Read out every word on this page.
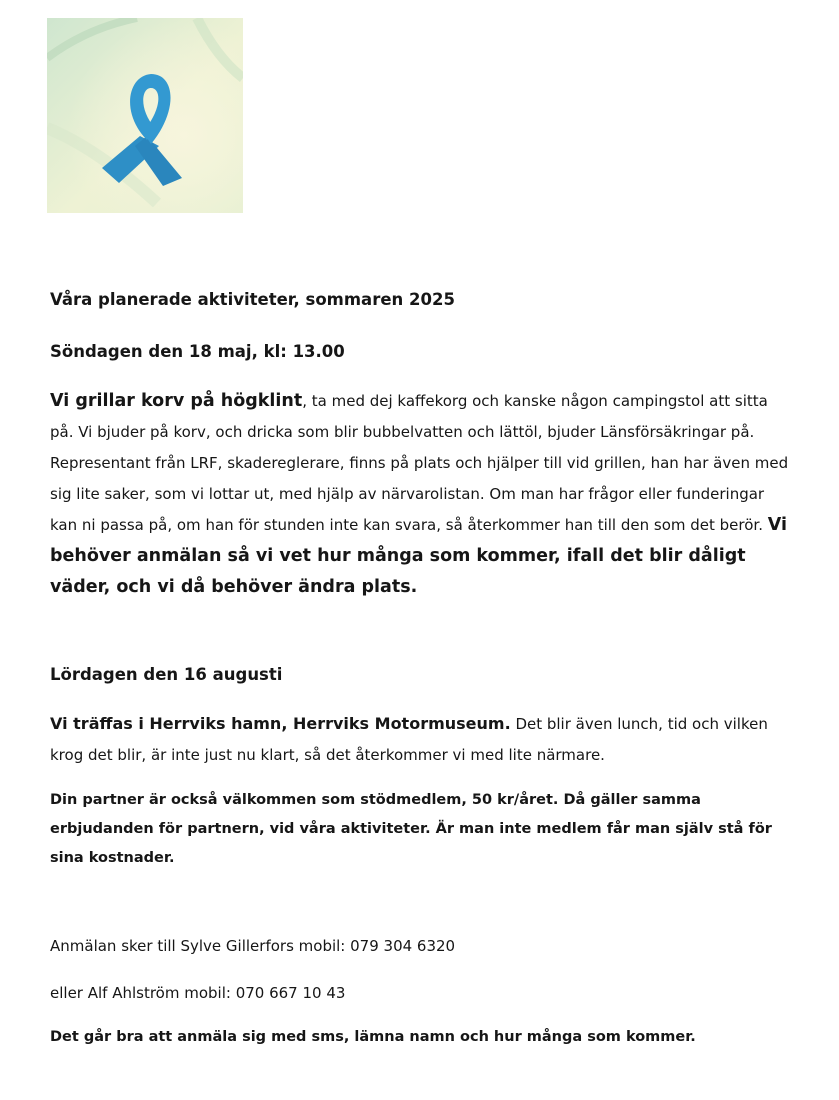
Våra planerade aktiviteter, sommaren 2025

Söndagen den 18 maj, kl: 13.00

Vi grillar korv på högklint, ta med dej kaffekorg och kanske någon campingstol att sitta på. Vi bjuder på korv, och dricka som blir bubbelvatten och lättöl, bjuder Länsförsäkringar på. Representant från LRF, skadereglerare, finns på plats och hjälper till vid grillen, han har även med sig lite saker, som vi lottar ut, med hjälp av närvarolistan. Om man har frågor eller funderingar kan ni passa på, om han för stunden inte kan svara, så återkommer han till den som det berör. Vi behöver anmälan så vi vet hur många som kommer, ifall det blir dåligt väder, och vi då behöver ändra plats.

Lördagen den 16 augusti

Vi träffas i Herrviks hamn, Herrviks Motormuseum. Det blir även lunch, tid och vilken krog det blir, är inte just nu klart, så det återkommer vi med lite närmare.

Din partner är också välkommen som stödmedlem, 50 kr/året. Då gäller samma erbjudanden för partnern, vid våra aktiviteter. Är man inte medlem får man själv stå för sina kostnader.

Anmälan sker till Sylve Gillerfors mobil: 079 304 6320

eller Alf Ahlström mobil: 070 667 10 43

Det går bra att anmäla sig med sms, lämna namn och hur många som kommer.
